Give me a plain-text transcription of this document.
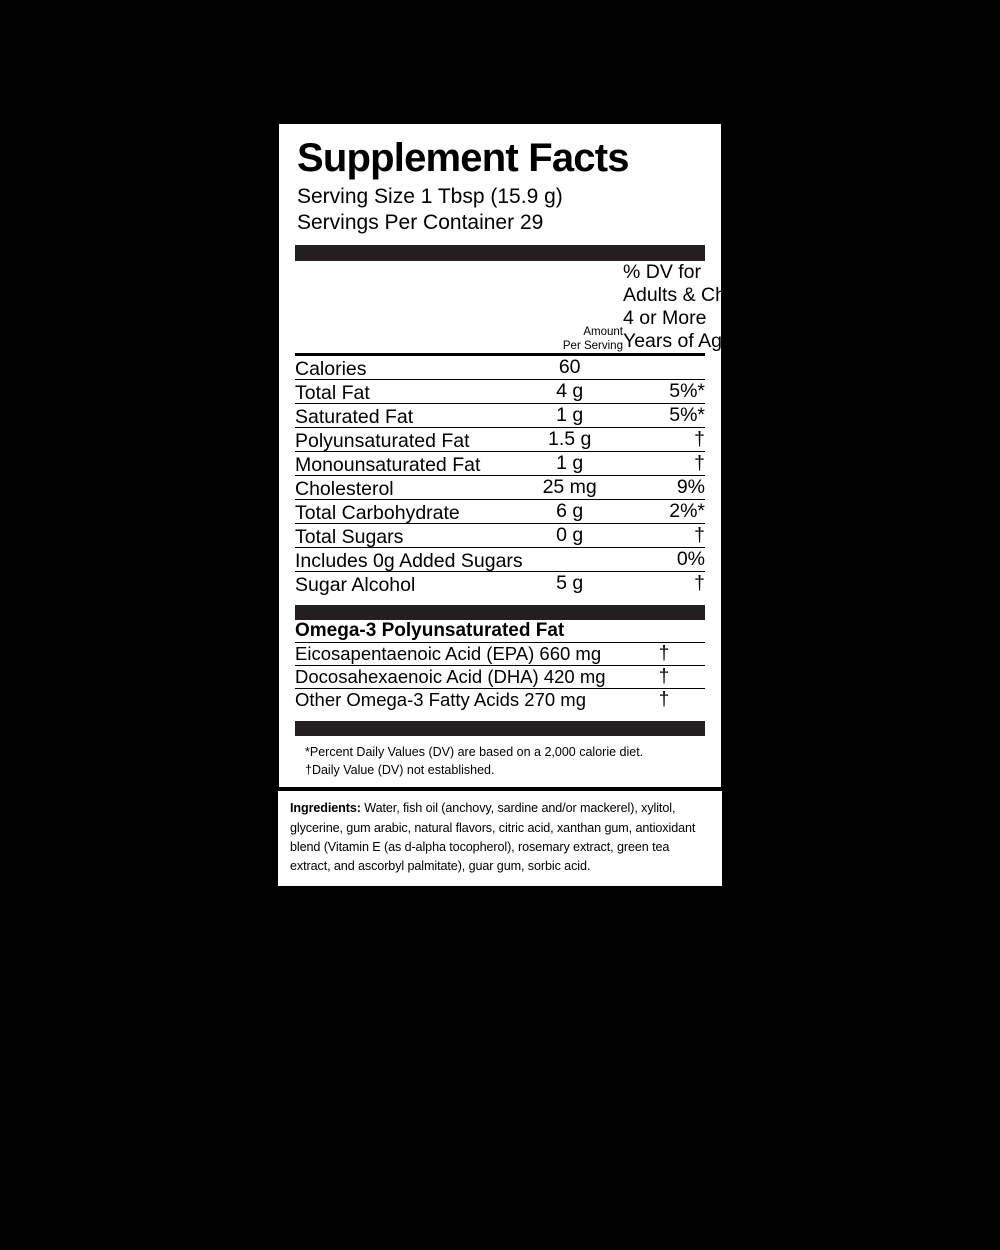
Supplement Facts
Serving Size 1 Tbsp (15.9 g)
Servings Per Container 29

Amount
Per Serving

% DV for
Adults & Children
4 or More
Years of Age

Calories	60	

Total Fat	4 g	5%*

Saturated Fat	1 g	5%*

Polyunsaturated Fat	1.5 g	†

Monounsaturated Fat	1 g	†

Cholesterol	25 mg	9%

Total Carbohydrate	6 g	2%*

Total Sugars	0 g	†

Includes 0g Added Sugars		0%

Sugar Alcohol	5 g	†
Omega-3 Polyunsaturated Fat	

Eicosapentaenoic Acid (EPA) 660 mg	†

Docosahexaenoic Acid (DHA) 420 mg	†

Other Omega-3 Fatty Acids 270 mg	†
*Percent Daily Values (DV) are based on a 2,000 calorie diet.
†Daily Value (DV) not established.
Ingredients: Water, fish oil (anchovy, sardine and/or mackerel), xylitol, glycerine, gum arabic, natural flavors, citric acid, xanthan gum, antioxidant blend (Vitamin E (as d-alpha tocopherol), rosemary extract, green tea extract, and ascorbyl palmitate), guar gum, sorbic acid.
